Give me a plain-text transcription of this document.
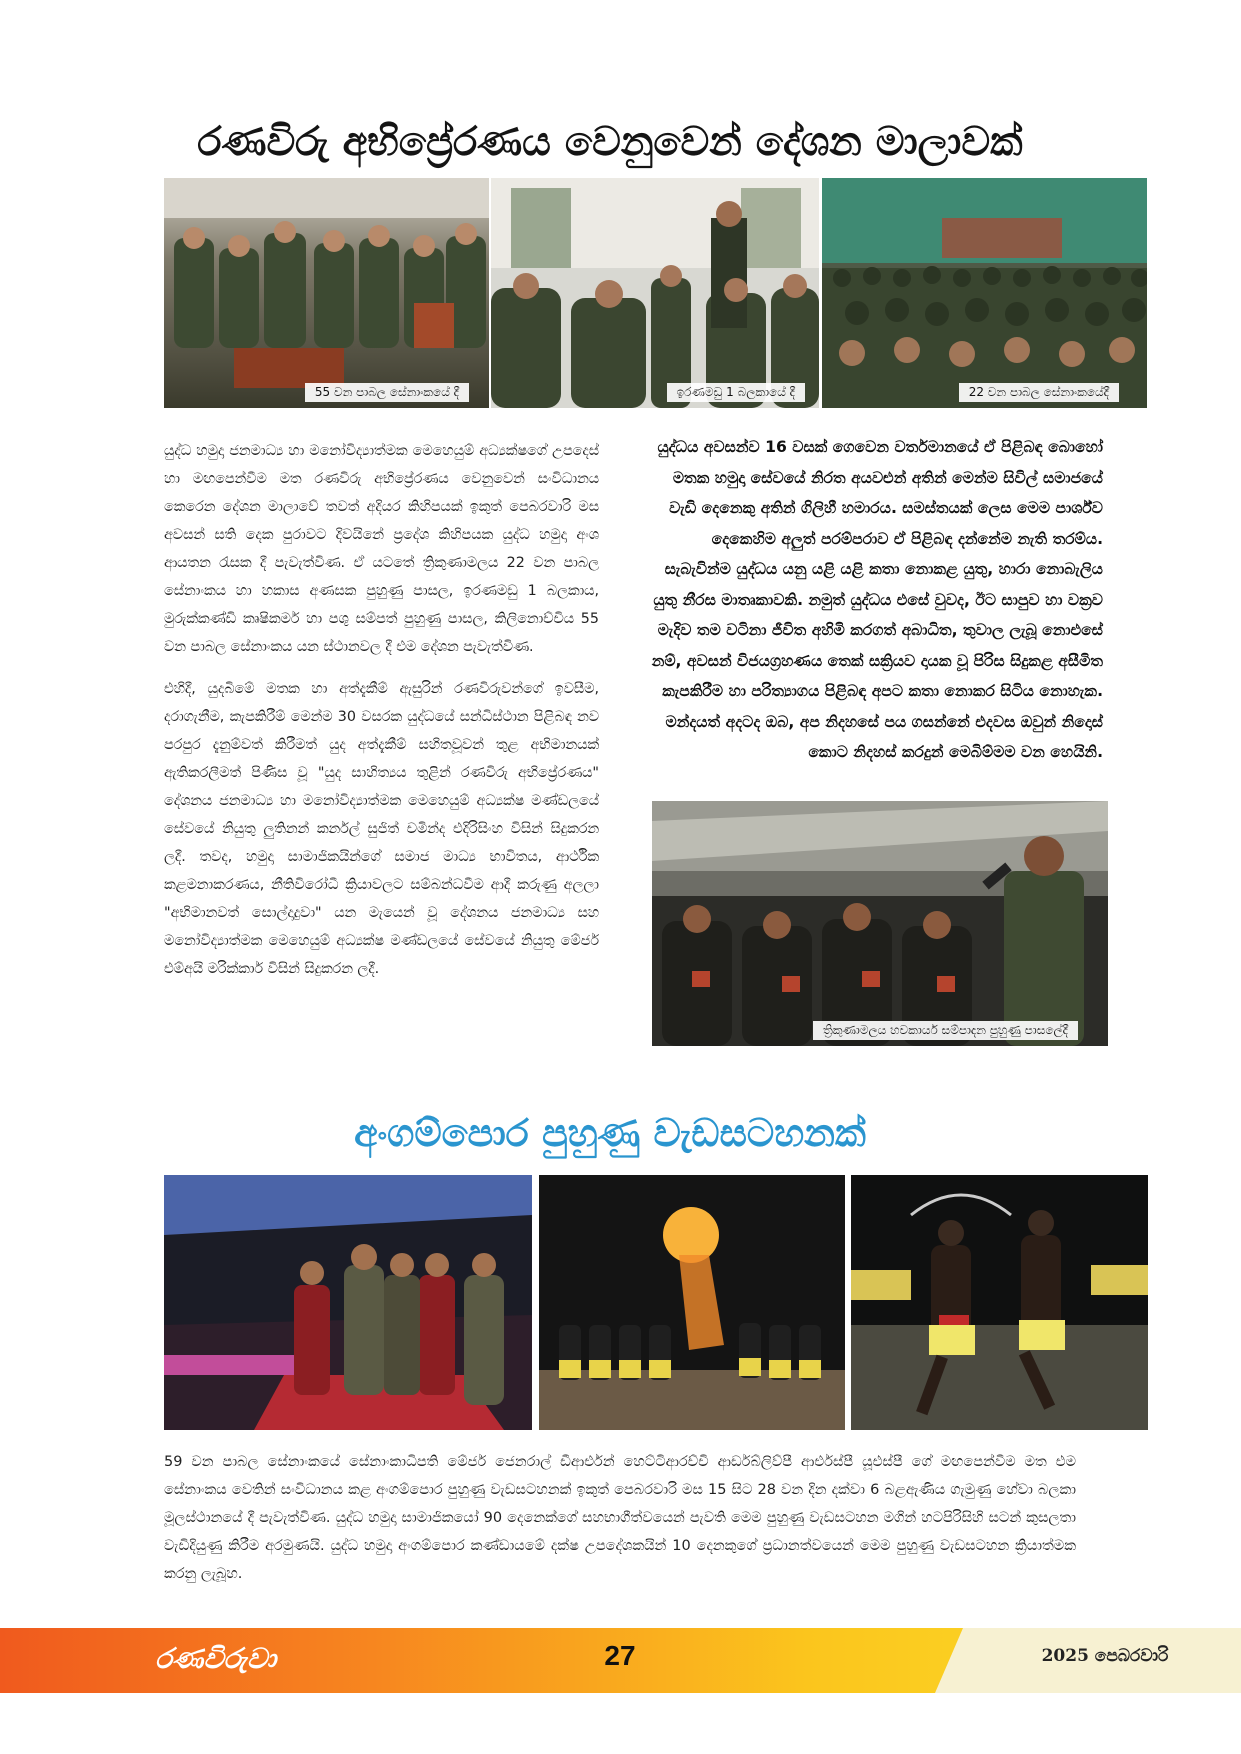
රණවිරු අභිප්‍රේරණය වෙනුවෙන් දේශන මාලාවක්
55 වන පාබල සේනාංකයේ දී	ඉරණමඩු 1 බලකායේ දී	22 වන පාබල සේනාංකයේදී

යුද්ධ හමුදා ජනමාධ්‍ය හා මනෝවිද්‍යාත්මක මෙහෙයුම් අධ්‍යක්ෂගේ උපදෙස් හා මඟපෙන්වීම මත රණවිරු අභිප්‍රේරණය වෙනුවෙන් සංවිධානය කෙරෙන දේශන මාලාවේ තවත් අදියර කිහිපයක් ඉකුත් පෙබරවාරි මස අවසන් සති දෙක පුරාවට දිවයිනේ ප්‍රදේශ කිහිපයක යුද්ධ හමුදා අංශ ආයතන රැසක දී පැවැත්විණ. ඒ යටතේ ත්‍රිකුණාමලය 22 වන පාබල සේනාංකය හා හකාස අණසක පුහුණු පාසල, ඉරණමඩු 1 බලකාය, මුරුක්කණ්ඩි කෘෂිකර්ම හා පශු සම්පත් පුහුණු පාසල, කිලිනොච්චිය 55 වන පාබල සේනාංකය යන ස්ථානවල දී එම දේශන පැවැත්විණ.

එහිදී, යුදබිමේ මතක හා අත්දැකීම් ඇසුරින් රණවිරුවන්ගේ ඉවසීම, දරාගැනීම, කැපකිරීම් මෙන්ම 30 වසරක යුද්ධයේ සන්ධිස්ථාන පිළිබඳ නව පරපුර දැනුම්වත් කිරීමත් යුද අත්දැකීම් සහිතවූවන් තුළ අභිමානයක් ඇතිකරලීමත් පිණිස වූ "යුද සාහිත්‍යය තුළින් රණවිරු අභිප්‍රේරණය" දේශනය ජනමාධ්‍ය හා මනෝවිද්‍යාත්මක මෙහෙයුම් අධ්‍යක්ෂ මණ්ඩලයේ සේවයේ නියුතු ලුතිනන් කර්නල් සුජිත් චමින්ද එදිරිසිංහ විසින් සිදුකරන ලදී. තවද, හමුදා සාමාජිකයින්ගේ සමාජ මාධ්‍ය භාවිතය, ආර්ථික කළමනාකරණය, නීතිවිරෝධී ක්‍රියාවලට සම්බන්ධවීම ආදී කරුණු අලලා "අභිමානවත් සොල්දාදුවා" යන මැයෙන් වූ දේශනය ජනමාධ්‍ය සහ මනෝවිද්‍යාත්මක මෙහෙයුම් අධ්‍යක්ෂ මණ්ඩලයේ සේවයේ නියුතු මේජර් එම්අයි මරික්කාර් විසින් සිදුකරන ලදී.

යුද්ධය අවසන්ව 16 වසක් ගෙවෙන වර්තමානයේ ඒ පිළිබඳ බොහෝ මතක හමුදා සේවයේ නිරත අයවළුන් අතින් මෙන්ම සිවිල් සමාජයේ වැඩි දෙනෙකු අතින් ගිලිහී හමාරය. සමස්තයක් ලෙස මෙම පාර්ශ්ව දෙකෙහිම අලුත් පරම්පරාව ඒ පිළිබඳ දන්නේම නැති තරම්ය. සැබැවින්ම යුද්ධය යනු යළි යළි කතා නොකළ යුතු, හාරා නොබැලිය යුතු නීරස මාතෘකාවකි. නමුත් යුද්ධය එසේ වුවද, ඊට සාපුව හා වක්‍රව මැදිව තම වටිනා ජීවිත අහිමි කරගත් අබාධිත, තුවාල ලැබූ නොඑසේ නම්, අවසන් විජයග්‍රහණය තෙක් සක්‍රියව දායක වූ පිරිස සිදුකළ අසීමිත කැපකිරීම හා පරිත්‍යාගය පිළිබඳ අපට කතා නොකර සිටිය නොහැක. මන්දයත් අදටද ඔබ, අප නිදහසේ පය ගසන්නේ එදවස ඔවුන් නිදොස් කොට නිදහස් කරදුන් මෙබිම්මම වන හෙයිනි.

ත්‍රිකුණාමලය හවකාර්ය සම්පාදන පුහුණු පාසලේදී
අංගම්පොර පුහුණු වැඩසටහනක්

59 වන පාබල සේනාංකයේ සේනාංකාධිපති මේජර් ජෙනරාල් ඩීආර්එන් හෙට්ටිආරච්චි ආර්ඩබ්ලිව්පී ආර්එස්පී යූඑස්පී ගේ මඟපෙන්වීම මත එම සේනාංකය වෙතින් සංවිධානය කළ අංගම්පොර පුහුණු වැඩසටහනක් ඉකුත් පෙබරවාරි මස 15 සිට 28 වන දින දක්වා 6 බළඇණිය ගැමුණු හේවා බලකා මූලස්ථානයේ දී පැවැත්විණ. යුද්ධ හමුදා සාමාජිකයෝ 90 දෙනෙක්ගේ සහභාගීත්වයෙන් පැවති මෙම පුහුණු වැඩසටහන මගින් හටපිරිසිහි සටන් කුසලතා වැඩිදියුණු කිරීම අරමුණයි. යුද්ධ හමුදා අංගම්පොර කණ්ඩායමේ දක්ෂ උපදේශකයින් 10 දෙනකුගේ ප්‍රධානත්වයෙන් මෙම පුහුණු වැඩසටහන ක්‍රියාත්මක කරනු ලැබූහ.

රණවිරුවා	27	2025 පෙබරවාරි
